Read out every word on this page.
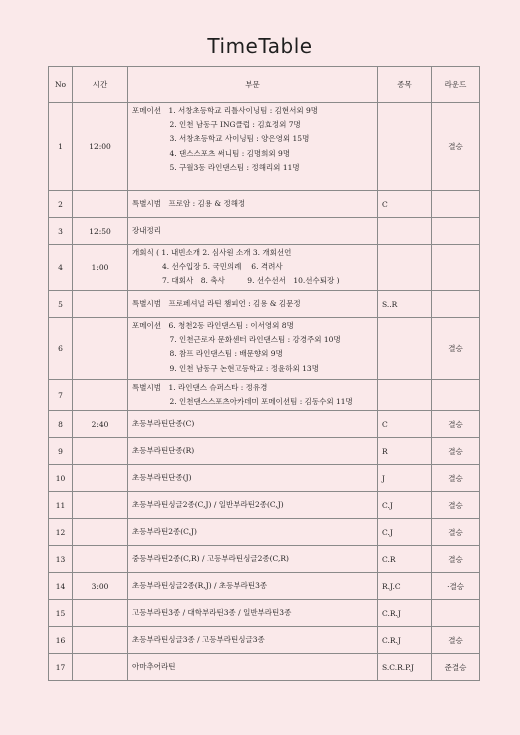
TimeTable
No	시간	부문	종목	라운드
1	12:00	포메이션　1. 서창초등학교 리틀사이닝팀 : 김현서외 9명
　　　　　2. 인천 남동구 ING클럽 : 김효정외 7명
　　　　　3. 서창초등학교 사이닝팀 : 양은영외 15명
　　　　　4. 댄스스포츠 써니팀 : 김명희외 9명
　　　　　5. 구월3동 라인댄스팀 : 정해리외 11명		결승
2		특별시범　프로암 : 김용 & 정해정	C	
3	12:50	장내정리		

4	1:00	개회식 ( 1. 내빈소개 2. 심사원 소개 3. 개회선언
　　　　4. 선수입장 5. 국민의례　 6. 격려사
　　　　7. 대회사　8. 축사　　　9. 선수선서　10.선수퇴장 )		

5		특별시범　프로페셔널 라틴 챔피언 : 김용 & 김문정	S..R	
6		포메이션　6. 청천2동 라인댄스팀 : 이서영외 8명
　　　　　7. 인천근로자 문화센터 라인댄스팀 : 강경주외 10명
　　　　　8. 참프 라인댄스팀 : 배문향외 9명
　　　　　9. 인천 남동구 논현고등학교 : 정윤하외 13명		결승
7		특별시범　1. 라인댄스 슈퍼스타 : 정유경
　　　　　2. 인천댄스스포츠아카데미 포메이션팀 : 김동수외 11명		

8	2:40	초등부라틴단종(C)	C	결승
9		초등부라틴단종(R)	R	결승
10		초등부라틴단종(J)	J	결승
11		초등부라틴싱글2종(C,J) / 일반부라틴2종(C,J)	C.J	결승
12		초등부라틴2종(C,J)	C.J	결승
13		중등부라틴2종(C,R) / 고등부라틴싱글2종(C,R)	C.R	결승
14	3:00	초등부라틴싱글2종(R,J) / 초등부라틴3종	R.J.C	·결승
15		고등부라틴3종 / 대학부라틴3종 / 일반부라틴3종	C.R.J	
16		초등부라틴싱글3종 / 고등부라틴싱글3종	C.R.J	결승
17		아마추어라틴	S.C.R.P.J	준결승
